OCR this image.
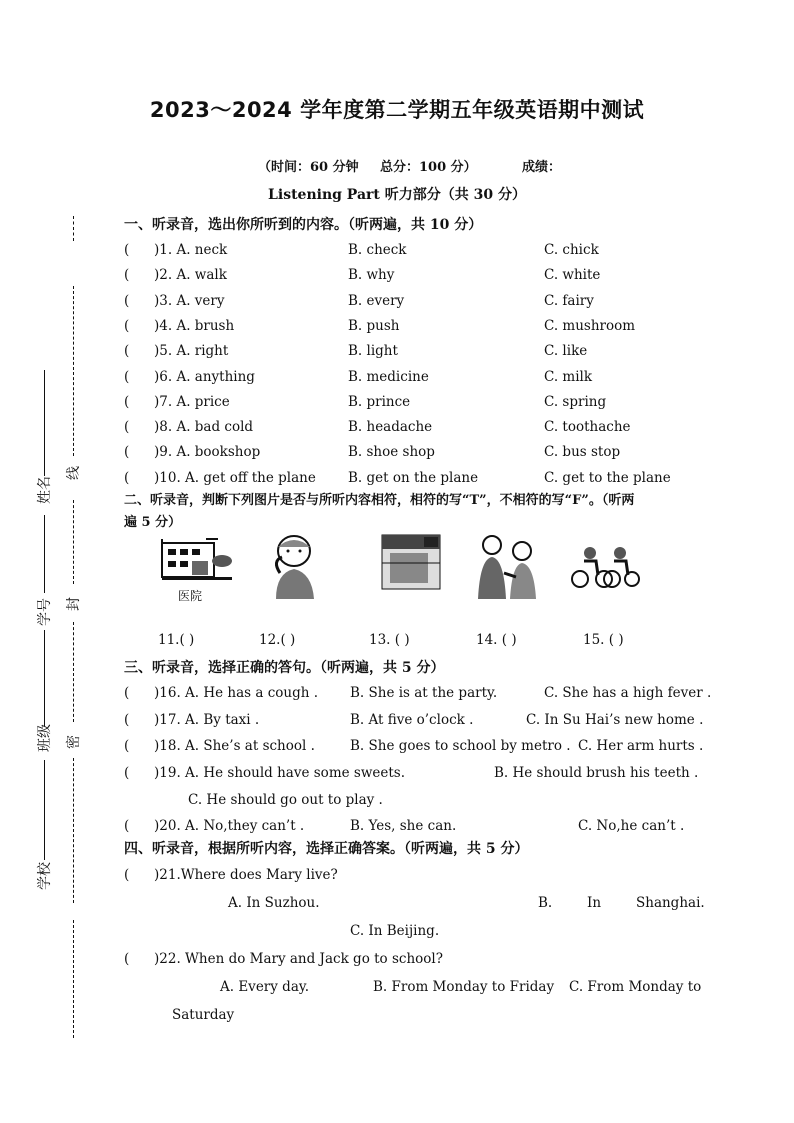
2023～2024 学年度第二学期五年级英语期中测试
（时间：60 分钟 总分：100 分）	成绩：
Listening Part 听力部分（共 30 分）
线
封
密
姓名
学号
班级
学校
一、听录音，选出你所听到的内容。（听两遍，共 10 分）
( )1. A. neck	B. check	C. chick
( )2. A. walk	B. why	C. white
( )3. A. very	B. every	C. fairy
( )4. A. brush	B. push	C. mushroom
( )5. A. right	B. light	C. like
( )6. A. anything	B. medicine	C. milk
( )7. A. price	B. prince	C. spring
( )8. A. bad cold	B. headache	C. toothache
( )9. A. bookshop	B. shoe shop	C. bus stop
( )10. A. get off the plane B. get on the plane	C. get to the plane
二、听录音，判断下列图片是否与所听内容相符，相符的写“T”，不相符的写“F”。（听两
遍 5 分）
医院
11.( )	12.( )	13. ( )	14. ( )	15. ( )
三、听录音，选择正确的答句。（听两遍，共 5 分）
( )16. A. He has a cough . B. She is at the party.	C. She has a high fever .
( )17. A. By taxi .	B. At five o’clock .	C. In Su Hai’s new home .
( )18. A. She’s at school .	B. She goes to school by metro . C. Her arm hurts .
( )19. A. He should have some sweets.	B. He should brush his teeth .
C. He should go out to play .
( )20. A. No,they can’t .	B. Yes, she can.	C. No,he can’t .
四、听录音，根据所听内容，选择正确答案。（听两遍，共 5 分）
( )21.Where does Mary live?
A. In Suzhou.	B.	In	Shanghai.
C. In Beijing.
( )22. When do Mary and Jack go to school?
A. Every day.	B. From Monday to Friday C. From Monday to
Saturday
